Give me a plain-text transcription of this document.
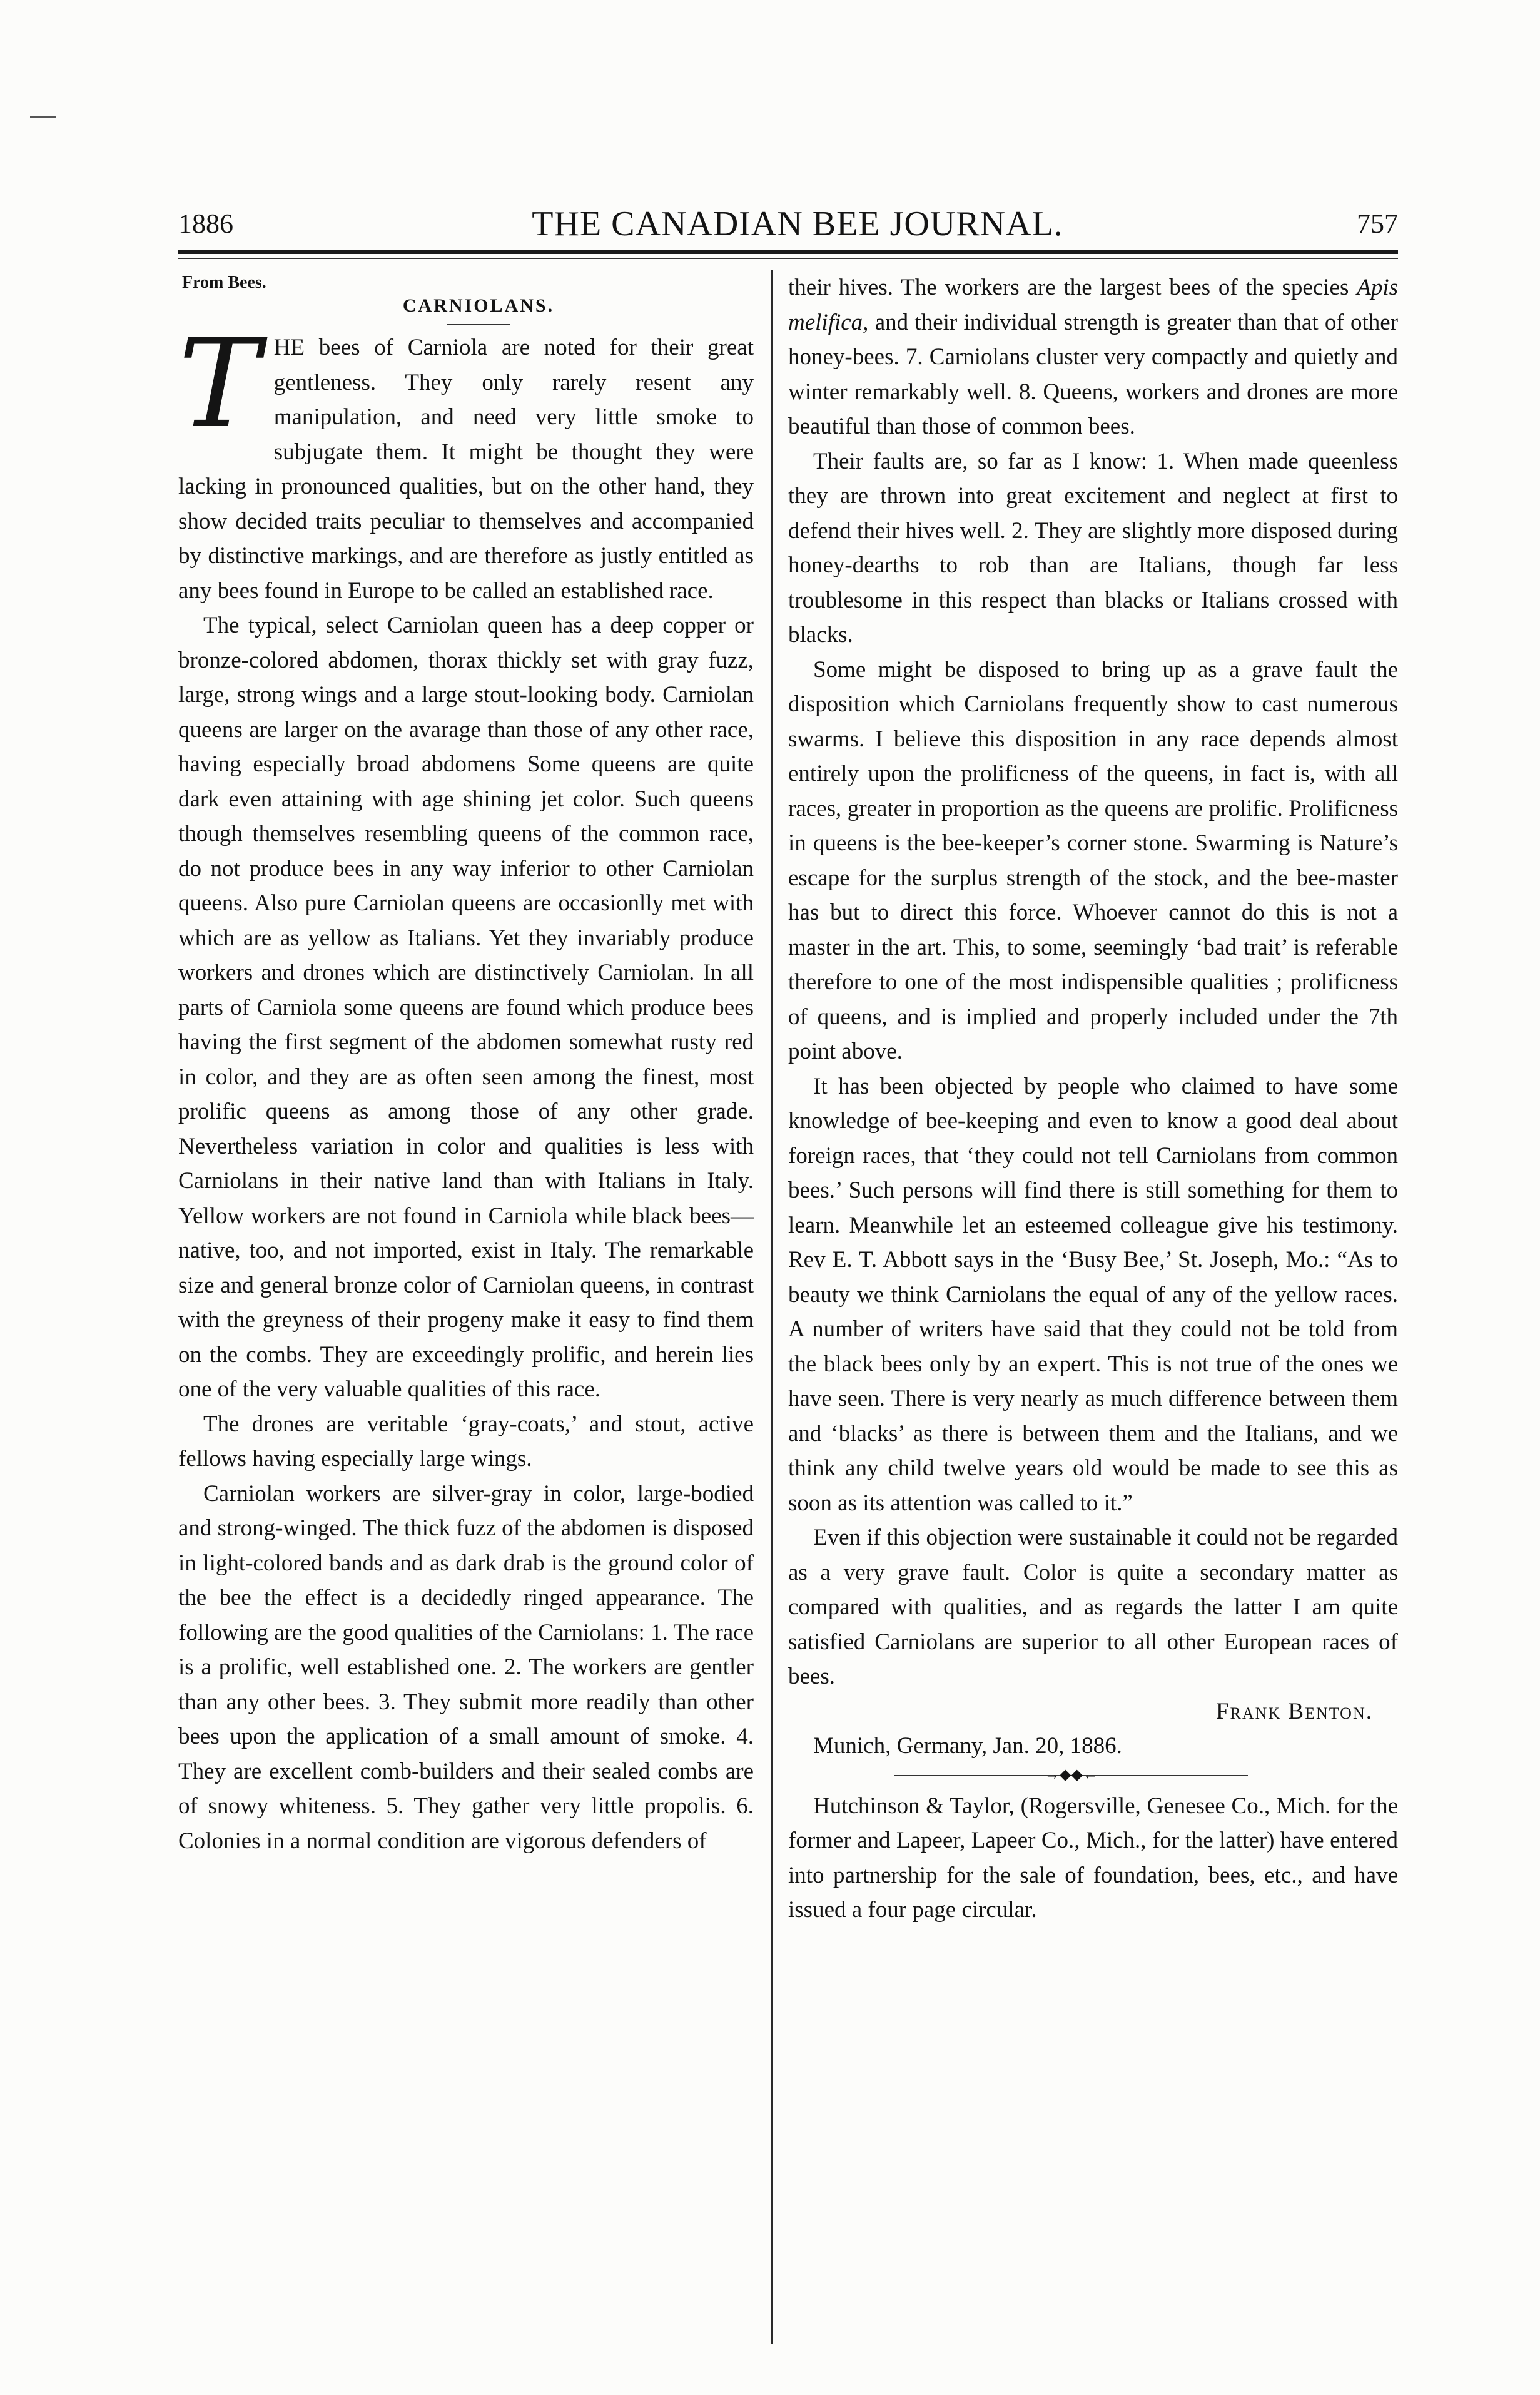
1886	THE CANADIAN BEE JOURNAL.	757
From Bees.
CARNIOLANS.

THE bees of Carniola are noted for their great gentleness. They only rarely resent any manipulation, and need very little smoke to subjugate them. It might be thought they were lacking in pronounced qualities, but on the other hand, they show decided traits peculiar to themselves and accompanied by distinctive markings, and are therefore as justly entitled as any bees found in Europe to be called an established race.

The typical, select Carniolan queen has a deep copper or bronze-colored abdomen, thorax thickly set with gray fuzz, large, strong wings and a large stout-looking body. Carniolan queens are larger on the avarage than those of any other race, having especially broad abdomens Some queens are quite dark even attaining with age shining jet color. Such queens though themselves resembling queens of the common race, do not produce bees in any way inferior to other Carniolan queens. Also pure Carniolan queens are occasionlly met with which are as yellow as Italians. Yet they invariably produce workers and drones which are distinctively Carniolan. In all parts of Carniola some queens are found which produce bees having the first segment of the abdomen somewhat rusty red in color, and they are as often seen among the finest, most prolific queens as among those of any other grade. Nevertheless variation in color and qualities is less with Carniolans in their native land than with Italians in Italy. Yellow workers are not found in Carniola while black bees—native, too, and not imported, exist in Italy. The remarkable size and general bronze color of Carniolan queens, in contrast with the greyness of their progeny make it easy to find them on the combs. They are exceedingly prolific, and herein lies one of the very valuable qualities of this race.

The drones are veritable ‘gray-coats,’ and stout, active fellows having especially large wings.

Carniolan workers are silver-gray in color, large-bodied and strong-winged. The thick fuzz of the abdomen is disposed in light-colored bands and as dark drab is the ground color of the bee the effect is a decidedly ringed appearance. The following are the good qualities of the Carniolans: 1. The race is a prolific, well established one. 2. The workers are gentler than any other bees. 3. They submit more readily than other bees upon the application of a small amount of smoke. 4. They are excellent comb-builders and their sealed combs are of snowy whiteness. 5. They gather very little propolis. 6. Colonies in a normal condition are vigorous defenders of

their hives. The workers are the largest bees of the species Apis melifica, and their individual strength is greater than that of other honey-bees. 7. Carniolans cluster very compactly and quietly and winter remarkably well. 8. Queens, workers and drones are more beautiful than those of common bees.

Their faults are, so far as I know: 1. When made queenless they are thrown into great excitement and neglect at first to defend their hives well. 2. They are slightly more disposed during honey-dearths to rob than are Italians, though far less troublesome in this respect than blacks or Italians crossed with blacks.

Some might be disposed to bring up as a grave fault the disposition which Carniolans frequently show to cast numerous swarms. I believe this disposition in any race depends almost entirely upon the prolificness of the queens, in fact is, with all races, greater in proportion as the queens are prolific. Prolificness in queens is the bee-keeper’s corner stone. Swarming is Nature’s escape for the surplus strength of the stock, and the bee-master has but to direct this force. Whoever cannot do this is not a master in the art. This, to some, seemingly ‘bad trait’ is referable therefore to one of the most indispensible qualities ; prolificness of queens, and is implied and properly included under the 7th point above.

It has been objected by people who claimed to have some knowledge of bee-keeping and even to know a good deal about foreign races, that ‘they could not tell Carniolans from common bees.’ Such persons will find there is still something for them to learn. Meanwhile let an esteemed colleague give his testimony. Rev E. T. Abbott says in the ‘Busy Bee,’ St. Joseph, Mo.: “As to beauty we think Carniolans the equal of any of the yellow races. A number of writers have said that they could not be told from the black bees only by an expert. This is not true of the ones we have seen. There is very nearly as much difference between them and ‘blacks’ as there is between them and the Italians, and we think any child twelve years old would be made to see this as soon as its attention was called to it.”

Even if this objection were sustainable it could not be regarded as a very grave fault. Color is quite a secondary matter as compared with qualities, and as regards the latter I am quite satisfied Carniolans are superior to all other European races of bees.

Frank Benton.

Munich, Germany, Jan. 20, 1886.

→◆◆←

Hutchinson & Taylor, (Rogersville, Genesee Co., Mich. for the former and Lapeer, Lapeer Co., Mich., for the latter) have entered into partnership for the sale of foundation, bees, etc., and have issued a four page circular.
